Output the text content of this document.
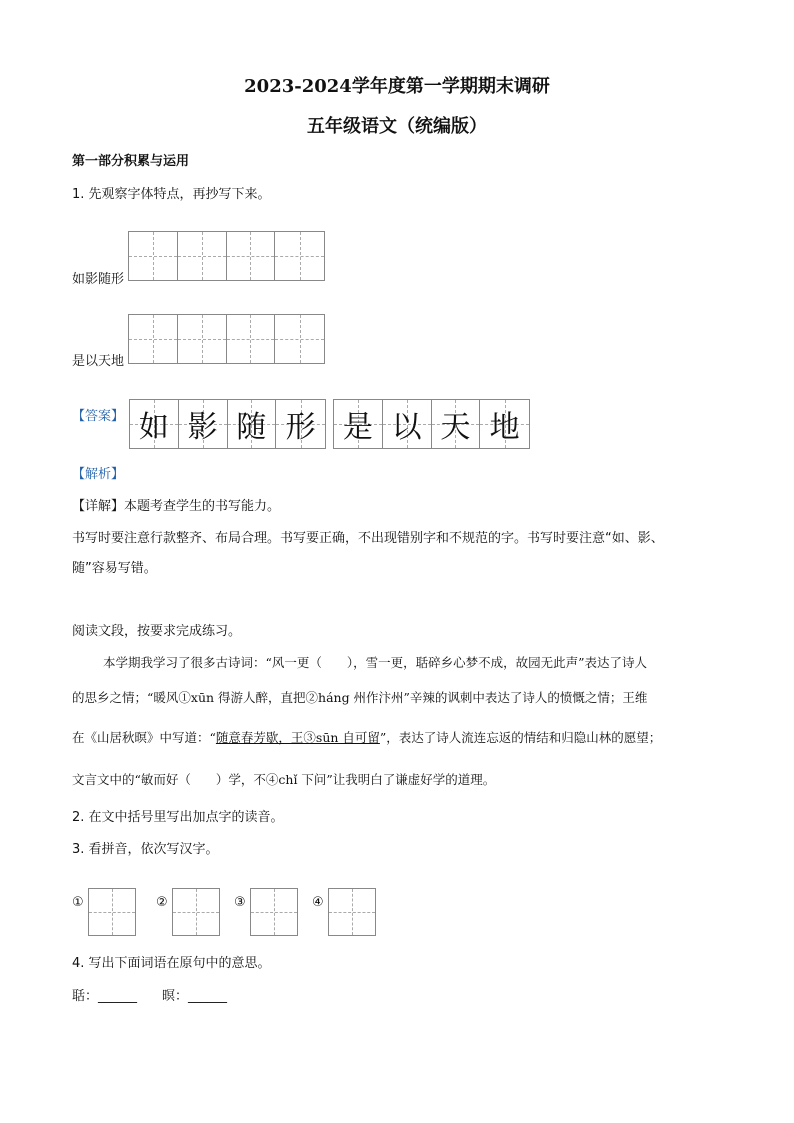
2023-2024学年度第一学期期末调研
五年级语文（统编版）
第一部分积累与运用
1. 先观察字体特点，再抄写下来。
如影随形
是以天地
【答案】 如 影 随 形 是 以 天 地
【解析】
【详解】本题考查学生的书写能力。
书写时要注意行款整齐、布局合理。书写要正确，不出现错别字和不规范的字。书写时要注意“如、影、
随”容易写错。
阅读文段，按要求完成练习。
本学期我学习了很多古诗词：“风一更（　　），雪一更，聒碎乡心梦不成，故园无此声”表达了诗人
的思乡之情；“暖风①xūn 得游人醉，直把②háng 州作汴州”辛辣的讽刺中表达了诗人的愤慨之情；王维
在《山居秋暝》中写道：“随意春芳歇，王③sūn 自可留”，表达了诗人流连忘返的情结和归隐山林的愿望；
文言文中的“敏而好（　　）学，不④chǐ 下问”让我明白了谦虚好学的道理。
2. 在文中括号里写出加点字的读音。
3. 看拼音，依次写汉字。
①	②	③	④
4. 写出下面词语在原句中的意思。
聒：______ 暝：______
